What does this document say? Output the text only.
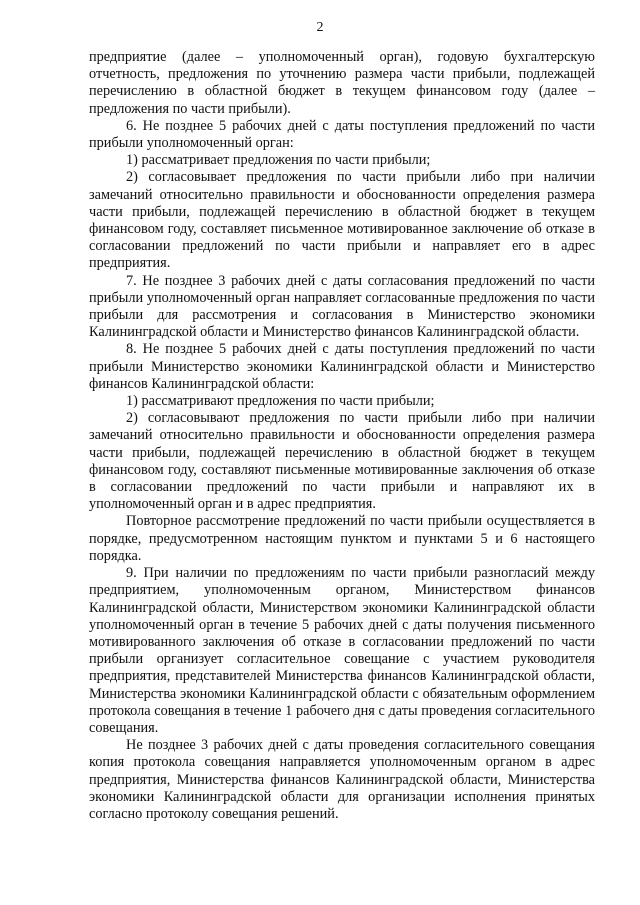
2

предприятие (далее – уполномоченный орган), годовую бухгалтерскую отчетность, предложения по уточнению размера части прибыли, подлежащей перечислению в областной бюджет в текущем финансовом году (далее – предложения по части прибыли).

6. Не позднее 5 рабочих дней с даты поступления предложений по части прибыли уполномоченный орган:

1) рассматривает предложения по части прибыли;

2) согласовывает предложения по части прибыли либо при наличии замечаний относительно правильности и обоснованности определения размера части прибыли, подлежащей перечислению в областной бюджет в текущем финансовом году, составляет письменное мотивированное заключение об отказе в согласовании предложений по части прибыли и направляет его в адрес предприятия.

7. Не позднее 3 рабочих дней с даты согласования предложений по части прибыли уполномоченный орган направляет согласованные предложения по части прибыли для рассмотрения и согласования в Министерство экономики Калининградской области и Министерство финансов Калининградской области.

8. Не позднее 5 рабочих дней с даты поступления предложений по части прибыли Министерство экономики Калининградской области и Министерство финансов Калининградской области:

1) рассматривают предложения по части прибыли;

2) согласовывают предложения по части прибыли либо при наличии замечаний относительно правильности и обоснованности определения размера части прибыли, подлежащей перечислению в областной бюджет в текущем финансовом году, составляют письменные мотивированные заключения об отказе в согласовании предложений по части прибыли и направляют их в уполномоченный орган и в адрес предприятия.

Повторное рассмотрение предложений по части прибыли осуществляется в порядке, предусмотренном настоящим пунктом и пунктами 5 и 6 настоящего порядка.

9. При наличии по предложениям по части прибыли разногласий между предприятием, уполномоченным органом, Министерством финансов Калининградской области, Министерством экономики Калининградской области уполномоченный орган в течение 5 рабочих дней с даты получения письменного мотивированного заключения об отказе в согласовании предложений по части прибыли организует согласительное совещание с участием руководителя предприятия, представителей Министерства финансов Калининградской области, Министерства экономики Калининградской области с обязательным оформлением протокола совещания в течение 1 рабочего дня с даты проведения согласительного совещания.

Не позднее 3 рабочих дней с даты проведения согласительного совещания копия протокола совещания направляется уполномоченным органом в адрес предприятия, Министерства финансов Калининградской области, Министерства экономики Калининградской области для организации исполнения принятых согласно протоколу совещания решений.
